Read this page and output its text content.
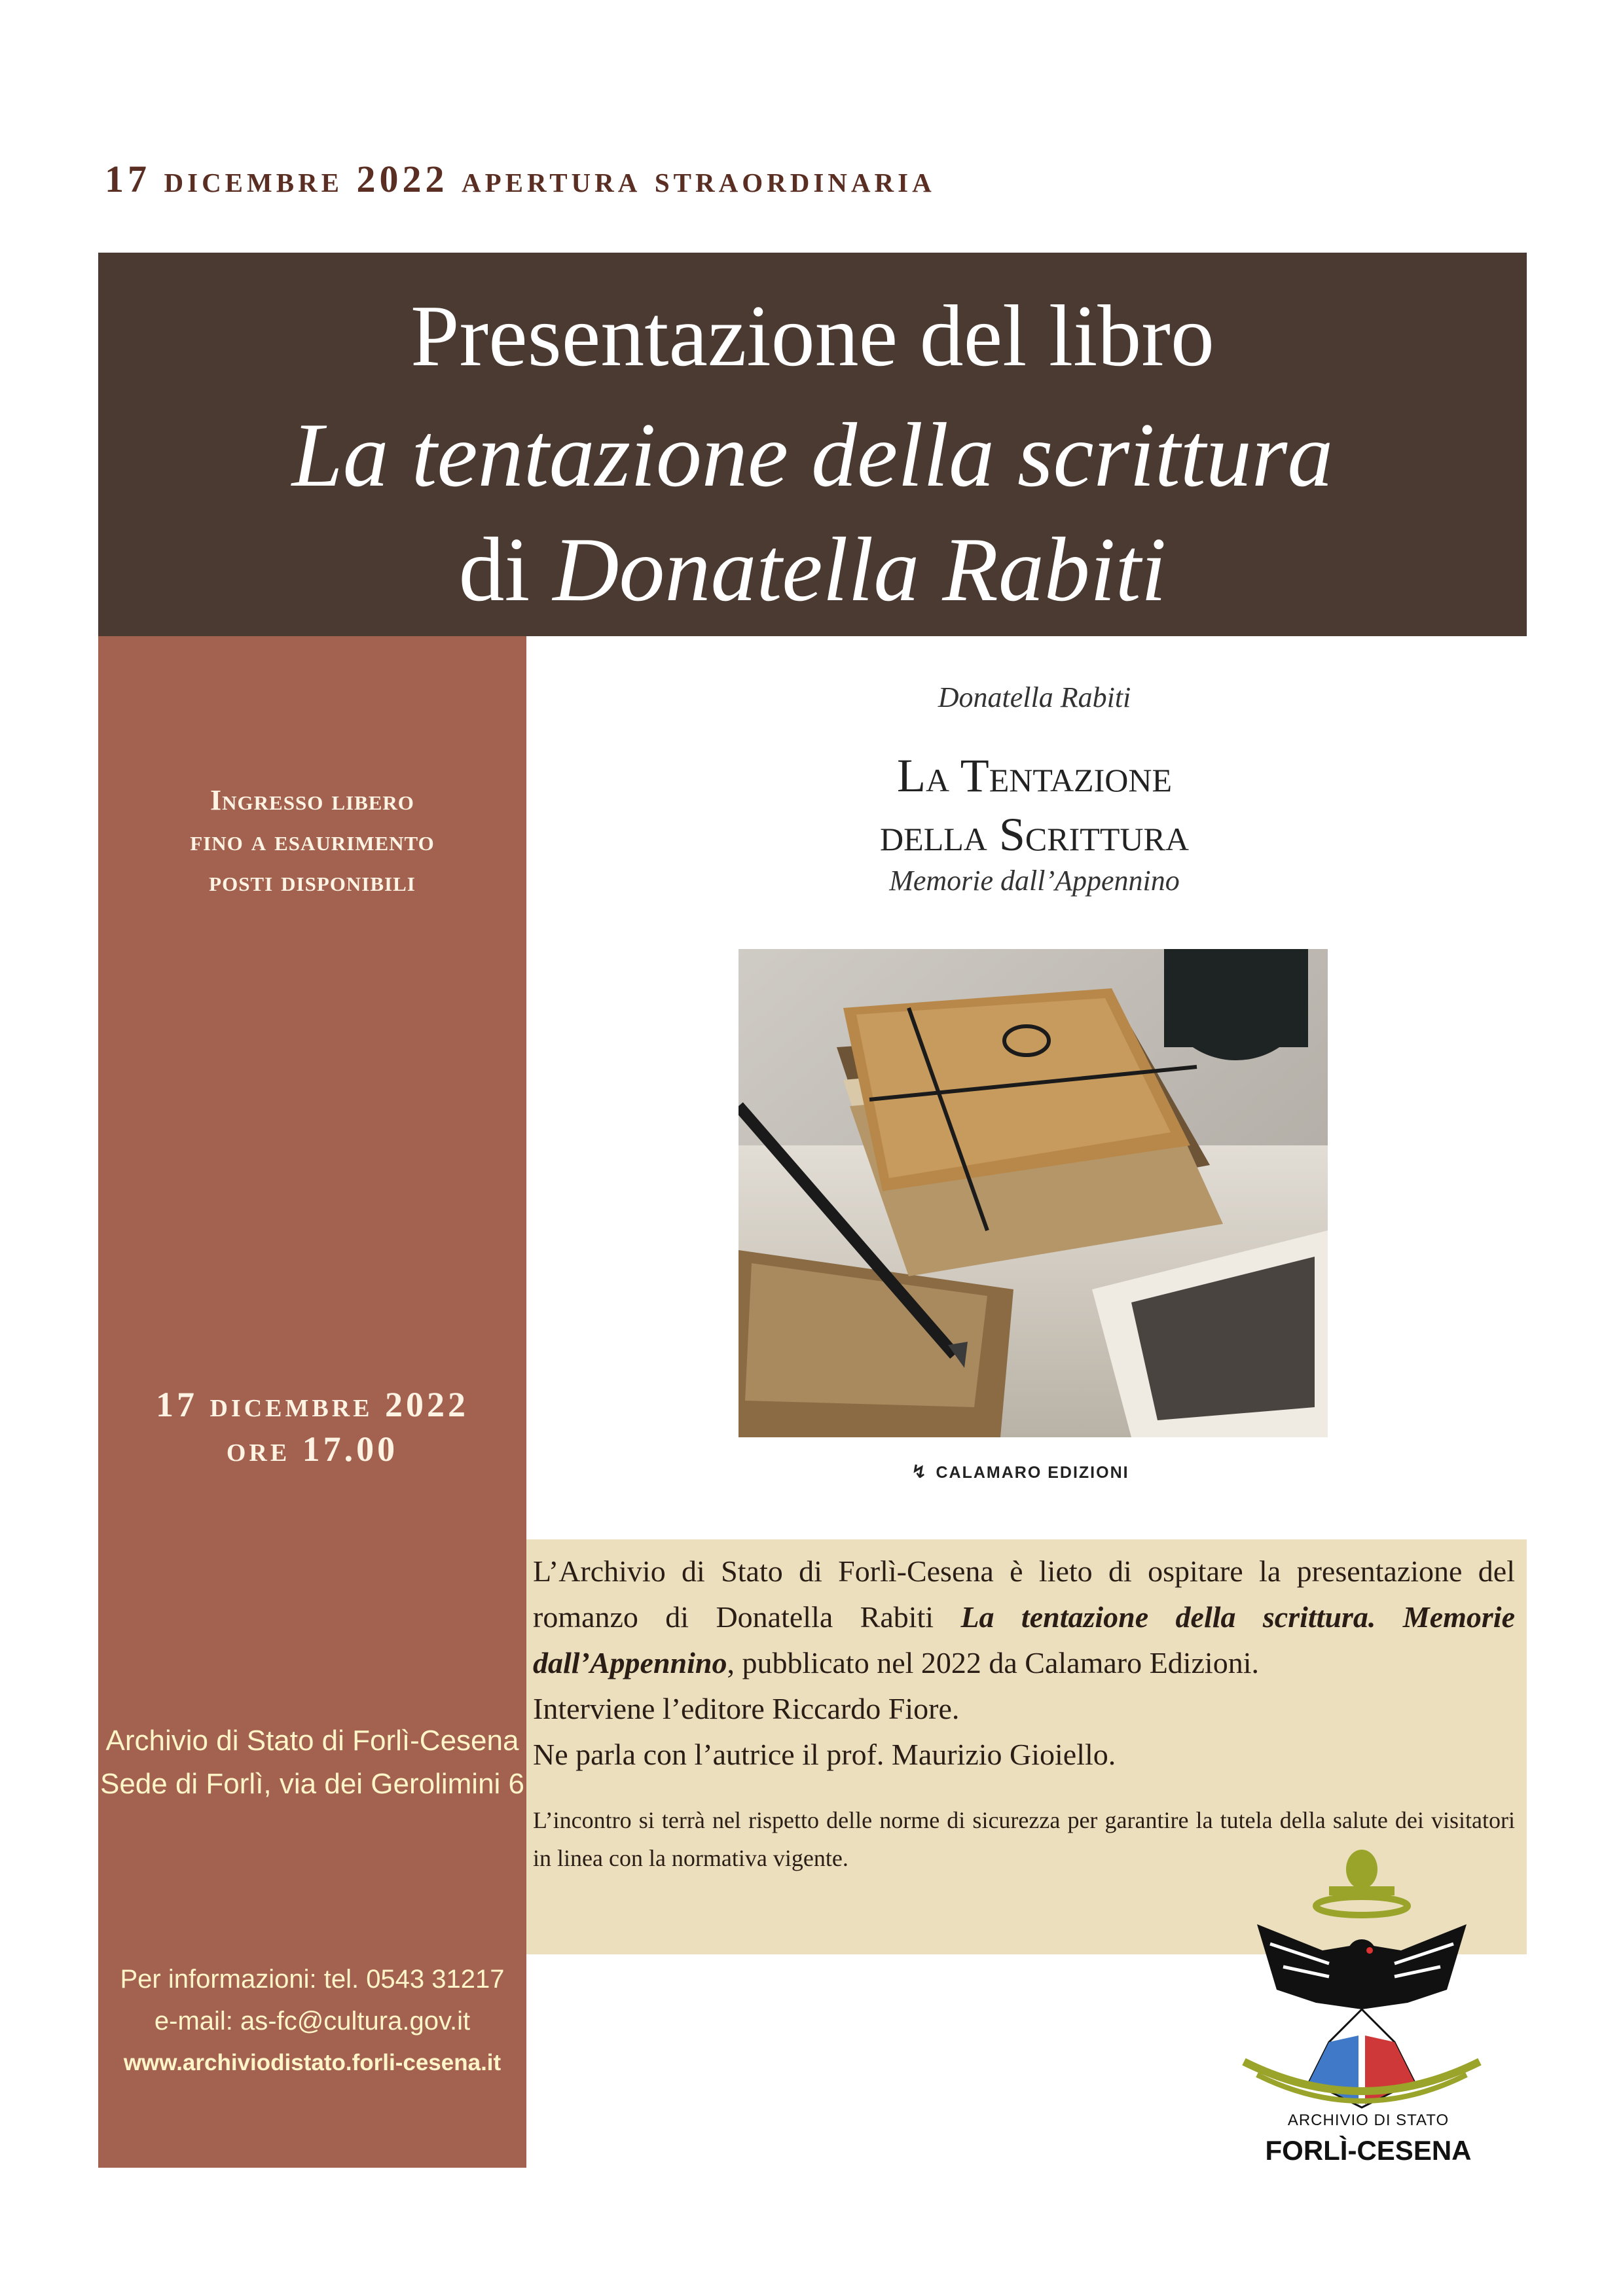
17 dicembre 2022 apertura straordinaria
Presentazione del libro
La tentazione della scrittura
di Donatella Rabiti
Ingresso libero
fino a esaurimento
posti disponibili
17 dicembre 2022
ore 17.00
Archivio di Stato di Forlì-Cesena
Sede di Forlì, via dei Gerolimini 6
Per informazioni: tel. 0543 31217
e-mail: as-fc@cultura.gov.it
www.archiviodistato.forli-cesena.it
Donatella Rabiti
La Tentazione
della Scrittura
Memorie dall’Appennino
↯ CALAMARO EDIZIONI
L’Archivio di Stato di Forlì-Cesena è lieto di ospitare la presentazione del romanzo di Donatella Rabiti La tentazione della scrittura. Memorie dall’Appennino, pubblicato nel 2022 da Calamaro Edizioni.
Interviene l’editore Riccardo Fiore.
Ne parla con l’autrice il prof. Maurizio Gioiello.
L’incontro si terrà nel rispetto delle norme di sicurezza per garantire la tutela della salute dei visitatori in linea con la normativa vigente.
ARCHIVIO DI STATO
FORLÌ-CESENA
